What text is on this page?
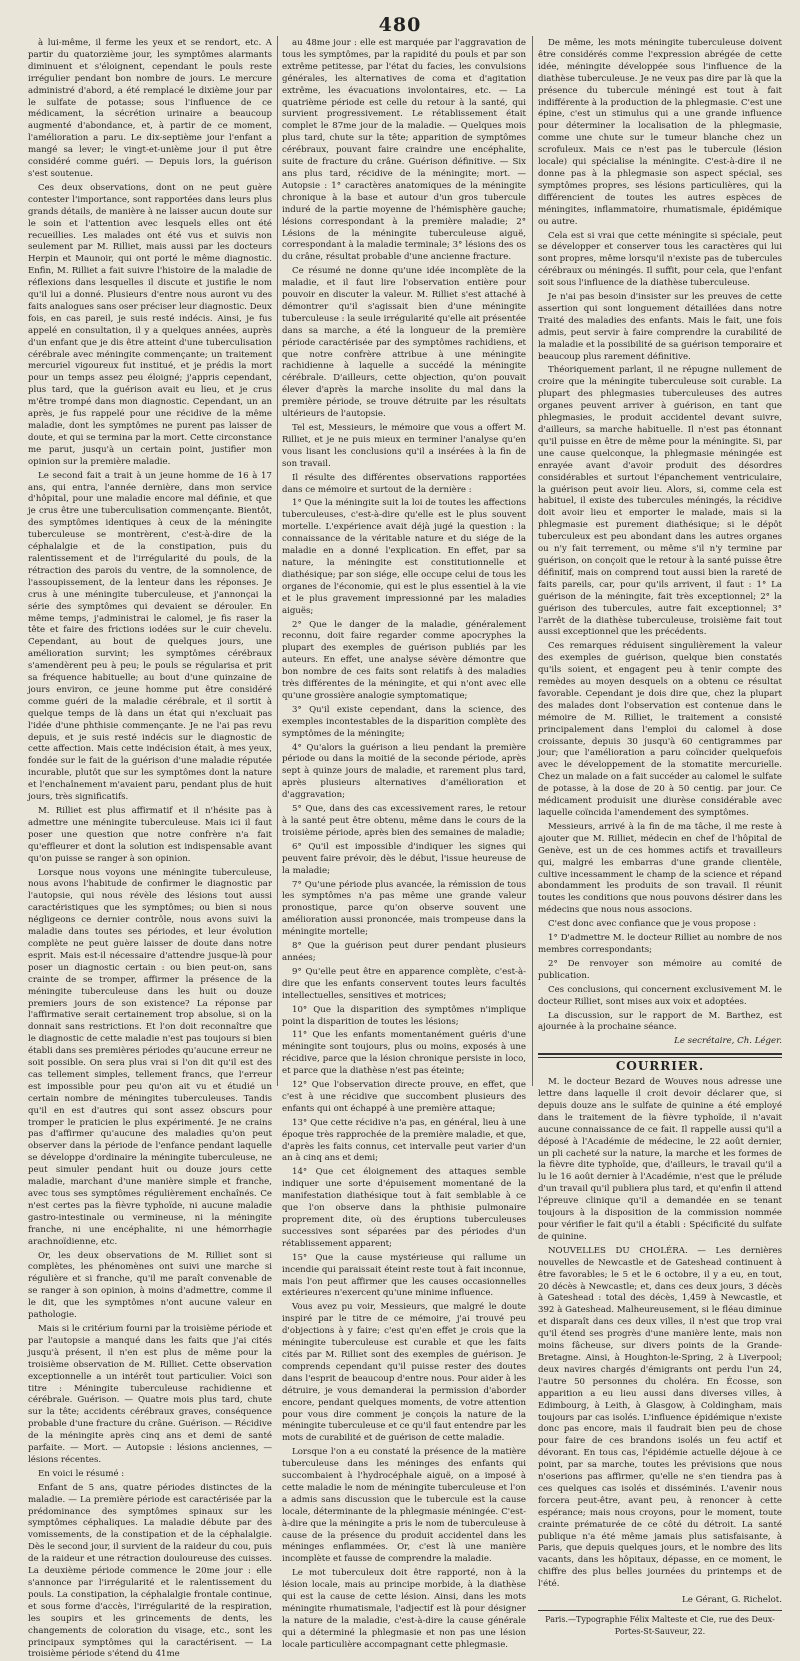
480

à lui-même, il ferme les yeux et se rendort, etc. A partir du quatorzième jour, les symptômes alarmants diminuent et s'éloignent, cependant le pouls reste irrégulier pendant bon nombre de jours. Le mercure administré d'abord, a été remplacé le dixième jour par le sulfate de potasse; sous l'influence de ce médicament, la sécrétion urinaire a beaucoup augmenté d'abondance, et, à partir de ce moment, l'amélioration a paru. Le dix-septième jour l'enfant a mangé sa lever; le vingt-et-unième jour il put être considéré comme guéri. — Depuis lors, la guérison s'est soutenue.

Ces deux observations, dont on ne peut guère contester l'importance, sont rapportées dans leurs plus grands détails, de manière à ne laisser aucun doute sur le soin et l'attention avec lesquels elles ont été recueillies. Les malades ont été vus et suivis non seulement par M. Rilliet, mais aussi par les docteurs Herpin et Maunoir, qui ont porté le même diagnostic. Enfin, M. Rilliet a fait suivre l'histoire de la maladie de réflexions dans lesquelles il discute et justifie le nom qu'il lui a donné. Plusieurs d'entre nous auront vu des faits analogues sans oser préciser leur diagnostic. Deux fois, en cas pareil, je suis resté indécis. Ainsi, je fus appelé en consultation, il y a quelques années, auprès d'un enfant que je dis être atteint d'une tuberculisation cérébrale avec méningite commençante; un traitement mercuriel vigoureux fut institué, et je prédis la mort pour un temps assez peu éloigné; j'appris cependant, plus tard, que la guérison avait eu lieu, et je crus m'être trompé dans mon diagnostic. Cependant, un an après, je fus rappelé pour une récidive de la même maladie, dont les symptômes ne purent pas laisser de doute, et qui se termina par la mort. Cette circonstance me parut, jusqu'à un certain point, justifier mon opinion sur la première maladie.

Le second fait a trait à un jeune homme de 16 à 17 ans, qui entra, l'année dernière, dans mon service d'hôpital, pour une maladie encore mal définie, et que je crus être une tuberculisation commençante. Bientôt, des symptômes identiques à ceux de la méningite tuberculeuse se montrèrent, c'est-à-dire de la céphalalgie et de la constipation, puis du ralentissement et de l'irrégularité du pouls, de la rétraction des parois du ventre, de la somnolence, de l'assoupissement, de la lenteur dans les réponses. Je crus à une méningite tuberculeuse, et j'annonçai la série des symptômes qui devaient se dérouler. En même temps, j'administrai le calomel, je fis raser la tête et faire des frictions iodées sur le cuir chevelu. Cependant, au bout de quelques jours, une amélioration survint; les symptômes cérébraux s'amendèrent peu à peu; le pouls se régularisa et prit sa fréquence habituelle; au bout d'une quinzaine de jours environ, ce jeune homme put être considéré comme guéri de la maladie cérébrale, et il sortit à quelque temps de là dans un état qui n'excluait pas l'idée d'une phthisie commençante. Je ne l'ai pas revu depuis, et je suis resté indécis sur le diagnostic de cette affection. Mais cette indécision était, à mes yeux, fondée sur le fait de la guérison d'une maladie réputée incurable, plutôt que sur les symptômes dont la nature et l'enchaînement m'avaient paru, pendant plus de huit jours, très significatifs.

M. Rilliet est plus affirmatif et il n'hésite pas à admettre une méningite tuberculeuse. Mais ici il faut poser une question que notre confrère n'a fait qu'effleurer et dont la solution est indispensable avant qu'on puisse se ranger à son opinion.

Lorsque nous voyons une méningite tuberculeuse, nous avons l'habitude de confirmer le diagnostic par l'autopsie, qui nous révèle des lésions tout aussi caractéristiques que les symptômes; ou bien si nous négligeons ce dernier contrôle, nous avons suivi la maladie dans toutes ses périodes, et leur évolution complète ne peut guère laisser de doute dans notre esprit. Mais est-il nécessaire d'attendre jusque-là pour poser un diagnostic certain : ou bien peut-on, sans crainte de se tromper, affirmer la présence de la méningite tuberculeuse dans les huit ou douze premiers jours de son existence? La réponse par l'affirmative serait certainement trop absolue, si on la donnait sans restrictions. Et l'on doit reconnaître que le diagnostic de cette maladie n'est pas toujours si bien établi dans ses premières périodes qu'aucune erreur ne soit possible. On sera plus vrai si l'on dit qu'il est des cas tellement simples, tellement francs, que l'erreur est impossible pour peu qu'on ait vu et étudié un certain nombre de méningites tuberculeuses. Tandis qu'il en est d'autres qui sont assez obscurs pour tromper le praticien le plus expérimenté. Je ne crains pas d'affirmer qu'aucune des maladies qu'on peut observer dans la période de l'enfance pendant laquelle se développe d'ordinaire la méningite tuberculeuse, ne peut simuler pendant huit ou douze jours cette maladie, marchant d'une manière simple et franche, avec tous ses symptômes régulièrement enchaînés. Ce n'est certes pas la fièvre typhoïde, ni aucune maladie gastro-intestinale ou vermineuse, ni la méningite franche, ni une encéphalite, ni une hémorrhagie arachnoïdienne, etc.

Or, les deux observations de M. Rilliet sont si complètes, les phénomènes ont suivi une marche si régulière et si franche, qu'il me paraît convenable de se ranger à son opinion, à moins d'admettre, comme il le dit, que les symptômes n'ont aucune valeur en pathologie.

Mais si le critérium fourni par la troisième période et par l'autopsie a manqué dans les faits que j'ai cités jusqu'à présent, il n'en est plus de même pour la troisième observation de M. Rilliet. Cette observation exceptionnelle a un intérêt tout particulier. Voici son titre : Méningite tuberculeuse rachidienne et cérébrale. Guérison. — Quatre mois plus tard, chute sur la tête; accidents cérébraux graves, conséquence probable d'une fracture du crâne. Guérison. — Récidive de la méningite après cinq ans et demi de santé parfaite. — Mort. — Autopsie : lésions anciennes, — lésions récentes.

En voici le résumé :

Enfant de 5 ans, quatre périodes distinctes de la maladie. — La première période est caractérisée par la prédominance des symptômes spinaux sur les symptômes céphaliques. La maladie débute par des vomissements, de la constipation et de la céphalalgie. Dès le second jour, il survient de la raideur du cou, puis de la raideur et une rétraction douloureuse des cuisses. La deuxième période commence le 20me jour : elle s'annonce par l'irrégularité et le ralentissement du pouls. La constipation, la céphalalgie frontale continue, et sous forme d'accès, l'irrégularité de la respiration, les soupirs et les grincements de dents, les changements de coloration du visage, etc., sont les principaux symptômes qui la caractérisent. — La troisième période s'étend du 41me

au 48me jour : elle est marquée par l'aggravation de tous les symptômes, par la rapidité du pouls et par son extrême petitesse, par l'état du facies, les convulsions générales, les alternatives de coma et d'agitation extrême, les évacuations involontaires, etc. — La quatrième période est celle du retour à la santé, qui survient progressivement. Le rétablissement était complet le 87me jour de la maladie. — Quelques mois plus tard, chute sur la tête; apparition de symptômes cérébraux, pouvant faire craindre une encéphalite, suite de fracture du crâne. Guérison définitive. — Six ans plus tard, récidive de la méningite; mort. — Autopsie : 1° caractères anatomiques de la méningite chronique à la base et autour d'un gros tubercule induré de la partie moyenne de l'hémisphère gauche; lésions correspondant à la première maladie; 2° Lésions de la méningite tuberculeuse aiguë, correspondant à la maladie terminale; 3° lésions des os du crâne, résultat probable d'une ancienne fracture.

Ce résumé ne donne qu'une idée incomplète de la maladie, et il faut lire l'observation entière pour pouvoir en discuter la valeur. M. Rilliet s'est attaché à démontrer qu'il s'agissait bien d'une méningite tuberculeuse : la seule irrégularité qu'elle ait présentée dans sa marche, a été la longueur de la première période caractérisée par des symptômes rachidiens, et que notre confrère attribue à une méningite rachidienne à laquelle a succédé la méningite cérébrale. D'ailleurs, cette objection, qu'on pouvait élever d'après la marche insolite du mal dans la première période, se trouve détruite par les résultats ultérieurs de l'autopsie.

Tel est, Messieurs, le mémoire que vous a offert M. Rilliet, et je ne puis mieux en terminer l'analyse qu'en vous lisant les conclusions qu'il a insérées à la fin de son travail.

Il résulte des différentes observations rapportées dans ce mémoire et surtout de la dernière :

1° Que la méningite suit la loi de toutes les affections tuberculeuses, c'est-à-dire qu'elle est le plus souvent mortelle. L'expérience avait déjà jugé la question : la connaissance de la véritable nature et du siége de la maladie en a donné l'explication. En effet, par sa nature, la méningite est constitutionnelle et diathésique; par son siége, elle occupe celui de tous les organes de l'économie, qui est le plus essentiel à la vie et le plus gravement impressionné par les maladies aiguës;

2° Que le danger de la maladie, généralement reconnu, doit faire regarder comme apocryphes la plupart des exemples de guérison publiés par les auteurs. En effet, une analyse sévère démontre que bon nombre de ces faits sont relatifs à des maladies très différentes de la méningite, et qui n'ont avec elle qu'une grossière analogie symptomatique;

3° Qu'il existe cependant, dans la science, des exemples incontestables de la disparition complète des symptômes de la méningite;

4° Qu'alors la guérison a lieu pendant la première période ou dans la moitié de la seconde période, après sept à quinze jours de maladie, et rarement plus tard, après plusieurs alternatives d'amélioration et d'aggravation;

5° Que, dans des cas excessivement rares, le retour à la santé peut être obtenu, même dans le cours de la troisième période, après bien des semaines de maladie;

6° Qu'il est impossible d'indiquer les signes qui peuvent faire prévoir, dès le début, l'issue heureuse de la maladie;

7° Qu'une période plus avancée, la rémission de tous les symptômes n'a pas même une grande valeur pronostique, parce qu'on observe souvent une amélioration aussi prononcée, mais trompeuse dans la méningite mortelle;

8° Que la guérison peut durer pendant plusieurs années;

9° Qu'elle peut être en apparence complète, c'est-à-dire que les enfants conservent toutes leurs facultés intellectuelles, sensitives et motrices;

10° Que la disparition des symptômes n'implique point la disparition de toutes les lésions;

11° Que les enfants momentanément guéris d'une méningite sont toujours, plus ou moins, exposés à une récidive, parce que la lésion chronique persiste in loco, et parce que la diathèse n'est pas éteinte;

12° Que l'observation directe prouve, en effet, que c'est à une récidive que succombent plusieurs des enfants qui ont échappé à une première attaque;

13° Que cette récidive n'a pas, en général, lieu à une époque très rapprochée de la première maladie, et que, d'après les faits connus, cet intervalle peut varier d'un an à cinq ans et demi;

14° Que cet éloignement des attaques semble indiquer une sorte d'épuisement momentané de la manifestation diathésique tout à fait semblable à ce que l'on observe dans la phthisie pulmonaire proprement dite, où des éruptions tuberculeuses successives sont séparées par des périodes d'un rétablissement apparent;

15° Que la cause mystérieuse qui rallume un incendie qui paraissait éteint reste tout à fait inconnue, mais l'on peut affirmer que les causes occasionnelles extérieures n'exercent qu'une minime influence.

Vous avez pu voir, Messieurs, que malgré le doute inspiré par le titre de ce mémoire, j'ai trouvé peu d'objections à y faire; c'est qu'en effet je crois que la méningite tuberculeuse est curable et que les faits cités par M. Rilliet sont des exemples de guérison. Je comprends cependant qu'il puisse rester des doutes dans l'esprit de beaucoup d'entre nous. Pour aider à les détruire, je vous demanderai la permission d'aborder encore, pendant quelques moments, de votre attention pour vous dire comment je conçois la nature de la méningite tuberculeuse et ce qu'il faut entendre par les mots de curabilité et de guérison de cette maladie.

Lorsque l'on a eu constaté la présence de la matière tuberculeuse dans les méninges des enfants qui succombaient à l'hydrocéphale aiguë, on a imposé à cette maladie le nom de méningite tuberculeuse et l'on a admis sans discussion que le tubercule est la cause locale, déterminante de la phlegmasie méningée. C'est-à-dire que la méningite a pris le nom de tuberculeuse à cause de la présence du produit accidentel dans les méninges enflammées. Or, c'est là une manière incomplète et fausse de comprendre la maladie.

Le mot tuberculeux doit être rapporté, non à la lésion locale, mais au principe morbide, à la diathèse qui est la cause de cette lésion. Ainsi, dans les mots méningite rhumatismale, l'adjectif est là pour désigner la nature de la maladie, c'est-à-dire la cause générale qui a déterminé la phlegmasie et non pas une lésion locale particulière accompagnant cette phlegmasie.

De même, les mots méningite tuberculeuse doivent être considérés comme l'expression abrégée de cette idée, méningite développée sous l'influence de la diathèse tuberculeuse. Je ne veux pas dire par là que la présence du tubercule méningé est tout à fait indifférente à la production de la phlegmasie. C'est une épine, c'est un stimulus qui a une grande influence pour déterminer la localisation de la phlegmasie, comme une chute sur le tumeur blanche chez un scrofuleux. Mais ce n'est pas le tubercule (lésion locale) qui spécialise la méningite. C'est-à-dire il ne donne pas à la phlegmasie son aspect spécial, ses symptômes propres, ses lésions particulières, qui la différencient de toutes les autres espèces de méningites, inflammatoire, rhumatismale, épidémique ou autre.

Cela est si vrai que cette méningite si spéciale, peut se développer et conserver tous les caractères qui lui sont propres, même lorsqu'il n'existe pas de tubercules cérébraux ou méningés. Il suffit, pour cela, que l'enfant soit sous l'influence de la diathèse tuberculeuse.

Je n'ai pas besoin d'insister sur les preuves de cette assertion qui sont longuement détaillées dans notre Traité des maladies des enfants. Mais le fait, une fois admis, peut servir à faire comprendre la curabilité de la maladie et la possibilité de sa guérison temporaire et beaucoup plus rarement définitive.

Théoriquement parlant, il ne répugne nullement de croire que la méningite tuberculeuse soit curable. La plupart des phlegmasies tuberculeuses des autres organes peuvent arriver à guérison, en tant que phlegmasies, le produit accidentel devant suivre, d'ailleurs, sa marche habituelle. Il n'est pas étonnant qu'il puisse en être de même pour la méningite. Si, par une cause quelconque, la phlegmasie méningée est enrayée avant d'avoir produit des désordres considérables et surtout l'épanchement ventriculaire, la guérison peut avoir lieu. Alors, si, comme cela est habituel, il existe des tubercules méningés, la récidive doit avoir lieu et emporter le malade, mais si la phlegmasie est purement diathésique; si le dépôt tuberculeux est peu abondant dans les autres organes ou n'y fait terrement, ou même s'il n'y termine par guérison, on conçoit que le retour à la santé puisse être définitif, mais on comprend tout aussi bien la rareté de faits pareils, car, pour qu'ils arrivent, il faut : 1° La guérison de la méningite, fait très exceptionnel; 2° la guérison des tubercules, autre fait exceptionnel; 3° l'arrêt de la diathèse tuberculeuse, troisième fait tout aussi exceptionnel que les précédents.

Ces remarques réduisent singulièrement la valeur des exemples de guérison, quelque bien constatés qu'ils soient, et engagent peu à tenir compte des remèdes au moyen desquels on a obtenu ce résultat favorable. Cependant je dois dire que, chez la plupart des malades dont l'observation est contenue dans le mémoire de M. Rilliet, le traitement a consisté principalement dans l'emploi du calomel à dose croissante, depuis 30 jusqu'à 60 centigrammes par jour; que l'amélioration a paru coïncider quelquefois avec le développement de la stomatite mercurielle. Chez un malade on a fait succéder au calomel le sulfate de potasse, à la dose de 20 à 50 centig. par jour. Ce médicament produisit une diurèse considérable avec laquelle coïncida l'amendement des symptômes.

Messieurs, arrivé à la fin de ma tâche, il me reste à ajouter que M. Rilliet, médecin en chef de l'hôpital de Genève, est un de ces hommes actifs et travailleurs qui, malgré les embarras d'une grande clientèle, cultive incessamment le champ de la science et répand abondamment les produits de son travail. Il réunit toutes les conditions que nous pouvons désirer dans les médecins que nous nous associons.

C'est donc avec confiance que je vous propose :

1° D'admettre M. le docteur Rilliet au nombre de nos membres correspondants;

2° De renvoyer son mémoire au comité de publication.

Ces conclusions, qui concernent exclusivement M. le docteur Rilliet, sont mises aux voix et adoptées.

La discussion, sur le rapport de M. Barthez, est ajournée à la prochaine séance.

Le secrétaire, Ch. Léger.

COURRIER.

M. le docteur Bezard de Wouves nous adresse une lettre dans laquelle il croit devoir déclarer que, si depuis douze ans le sulfate de quinine a été employé dans le traitement de la fièvre typhoïde, il n'avait aucune connaissance de ce fait. Il rappelle aussi qu'il a déposé à l'Académie de médecine, le 22 août dernier, un pli cacheté sur la nature, la marche et les formes de la fièvre dite typhoïde, que, d'ailleurs, le travail qu'il a lu le 16 août dernier à l'Académie, n'est que le prélude d'un travail qu'il publiera plus tard, et qu'enfin il attend l'épreuve clinique qu'il a demandée en se tenant toujours à la disposition de la commission nommée pour vérifier le fait qu'il a établi : Spécificité du sulfate de quinine.

NOUVELLES DU CHOLÉRA. — Les dernières nouvelles de Newcastle et de Gateshead continuent à être favorables; le 5 et le 6 octobre, il y a eu, en tout, 20 décès à Newcastle; et, dans ces deux jours, 3 décès à Gateshead : total des décès, 1,459 à Newcastle, et 392 à Gateshead. Malheureusement, si le fléau diminue et disparaît dans ces deux villes, il n'est que trop vrai qu'il étend ses progrès d'une manière lente, mais non moins fâcheuse, sur divers points de la Grande-Bretagne. Ainsi, à Houghton-le-Spring, 2 à Liverpool; deux navires chargés d'émigrants ont perdu l'un 24, l'autre 50 personnes du choléra. En Écosse, son apparition a eu lieu aussi dans diverses villes, à Edimbourg, à Leith, à Glasgow, à Coldingham, mais toujours par cas isolés. L'influence épidémique n'existe donc pas encore, mais il faudrait bien peu de chose pour faire de ces brandons isolés un feu actif et dévorant. En tous cas, l'épidémie actuelle déjoue à ce point, par sa marche, toutes les prévisions que nous n'oserions pas affirmer, qu'elle ne s'en tiendra pas à ces quelques cas isolés et disséminés. L'avenir nous forcera peut-être, avant peu, à renoncer à cette espérance; mais nous croyons, pour le moment, toute crainte prématurée de ce côté du détroit. La santé publique n'a été même jamais plus satisfaisante, à Paris, que depuis quelques jours, et le nombre des lits vacants, dans les hôpitaux, dépasse, en ce moment, le chiffre des plus belles journées du printemps et de l'été.

Le Gérant, G. Richelot.
Paris.—Typographie Félix Malteste et Cie, rue des Deux-Portes-St-Sauveur, 22.
